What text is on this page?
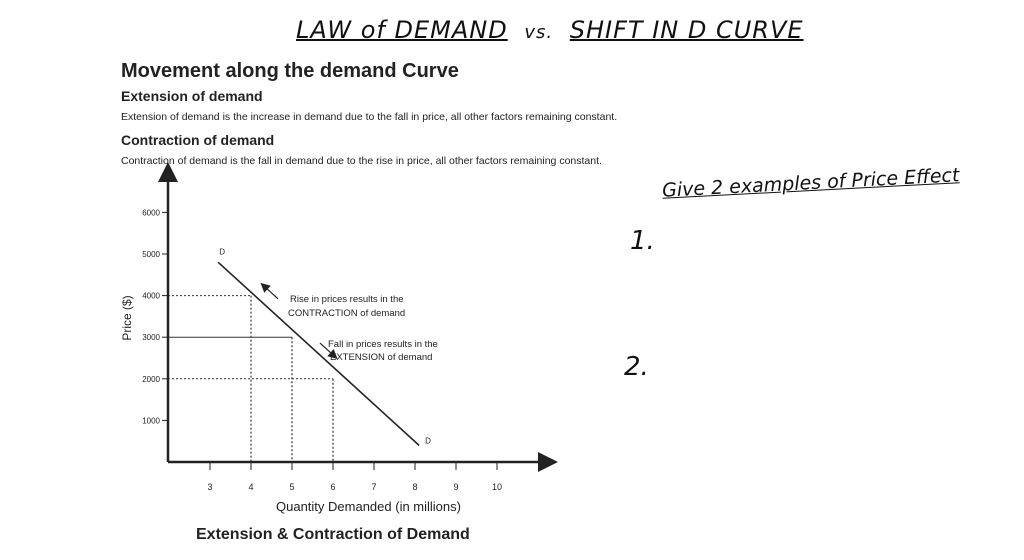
LAW of DEMAND vs. SHIFT IN D CURVE
Movement along the demand Curve
Extension of demand
Extension of demand is the increase in demand due to the fall in price, all other factors remaining constant.
Contraction of demand
Contraction of demand is the fall in demand due to the rise in price, all other factors remaining constant.
Give 2 examples of Price Effect
1.
2.
1000
2000
3000
4000
5000
6000
3	4	5	6	7	8	9	10
D
D
Rise in prices results in the
CONTRACTION of demand
Fall in prices results in the
EXTENSION of demand
Quantity Demanded (in millions)
Price ($)
Extension & Contraction of Demand
